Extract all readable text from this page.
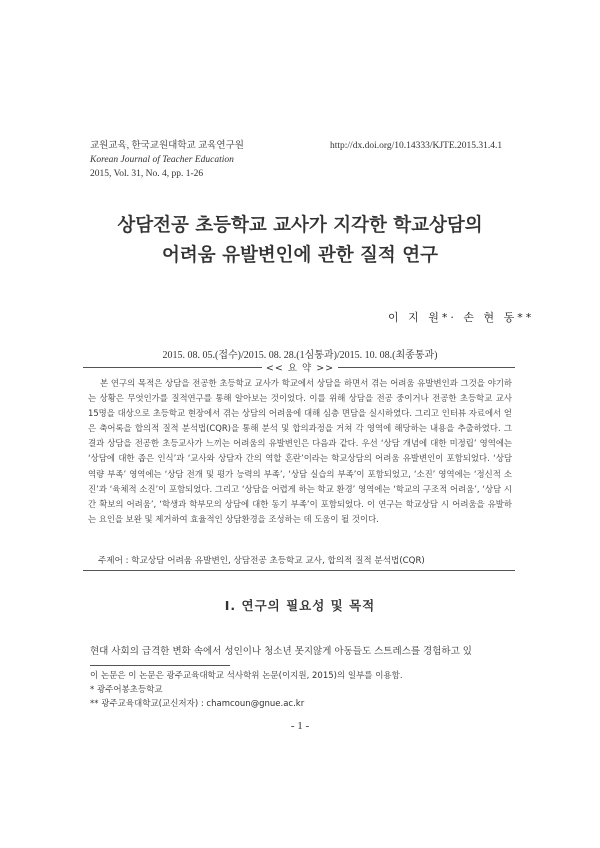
교원교육, 한국교원대학교 교육연구원
Korean Journal of Teacher Education
2015, Vol. 31, No. 4, pp. 1-26
http://dx.doi.org/10.14333/KJTE.2015.31.4.1
상담전공 초등학교 교사가 지각한 학교상담의
어려움 유발변인에 관한 질적 연구
이 지 원*· 손 현 동**
2015. 08. 05.(접수)/2015. 08. 28.(1심통과)/2015. 10. 08.(최종통과)
<< 요 약 >>

본 연구의 목적은 상담을 전공한 초등학교 교사가 학교에서 상담을 하면서 겪는 어려움 유발변인과 그것을 야기하는 상황은 무엇인가를 질적연구를 통해 알아보는 것이었다. 이를 위해 상담을 전공 중이거나 전공한 초등학교 교사 15명을 대상으로 초등학교 현장에서 겪는 상담의 어려움에 대해 심층 면담을 실시하였다. 그리고 인터뷰 자료에서 얻은 축어록을 합의적 질적 분석법(CQR)을 통해 분석 및 합의과정을 거쳐 각 영역에 해당하는 내용을 추출하였다. 그 결과 상담을 전공한 초등교사가 느끼는 어려움의 유발변인은 다음과 같다. 우선 ‘상담 개념에 대한 미정립’ 영역에는 ‘상담에 대한 좁은 인식’과 ‘교사와 상담자 간의 역할 혼란’이라는 학교상담의 어려움 유발변인이 포함되었다. ‘상담 역량 부족’ 영역에는 ‘상담 전개 및 평가 능력의 부족’, ‘상담 실습의 부족’이 포함되었고, ‘소진’ 영역에는 ‘정신적 소진’과 ‘육체적 소진’이 포함되었다. 그리고 ‘상담을 어렵게 하는 학교 환경’ 영역에는 ‘학교의 구조적 어려움’, ‘상담 시간 확보의 어려움’, ‘학생과 학부모의 상담에 대한 동기 부족’이 포함되었다. 이 연구는 학교상담 시 어려움을 유발하는 요인을 보완 및 제거하여 효율적인 상담환경을 조성하는 데 도움이 될 것이다.

주제어 : 학교상담 어려움 유발변인, 상담전공 초등학교 교사, 합의적 질적 분석법(CQR)
Ⅰ. 연구의 필요성 및 목적
현대 사회의 급격한 변화 속에서 성인이나 청소년 못지않게 아동들도 스트레스를 경험하고 있
이 논문은 이 논문은 광주교육대학교 석사학위 논문(이지원, 2015)의 일부를 이용함.
* 광주어봉초등학교
** 광주교육대학교(교신저자) : chamcoun@gnue.ac.kr
- 1 -
